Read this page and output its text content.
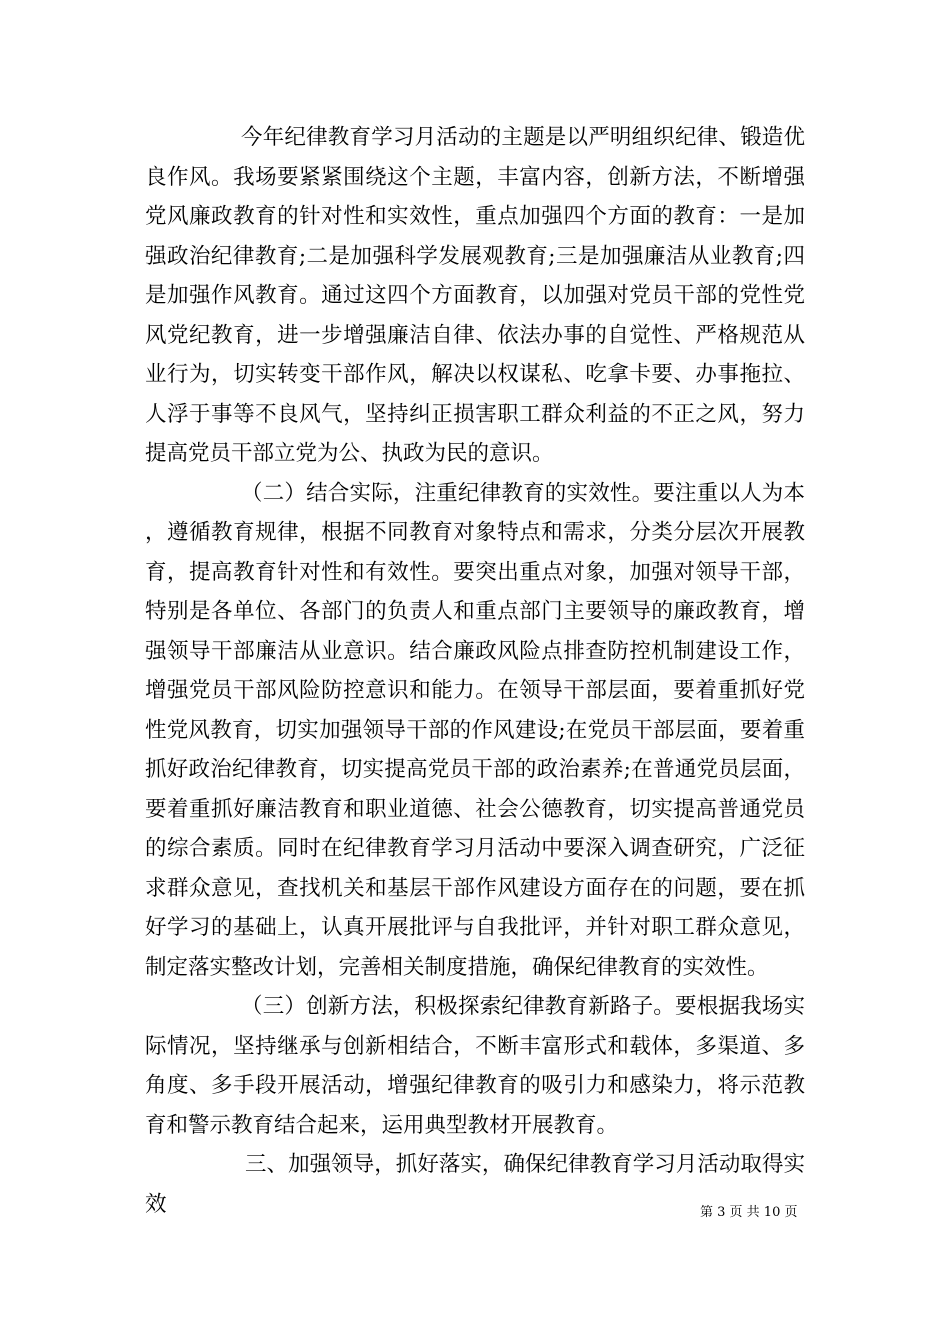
今年纪律教育学习月活动的主题是以严明组织纪律、锻造优良作风。我场要紧紧围绕这个主题，丰富内容，创新方法，不断增强党风廉政教育的针对性和实效性，重点加强四个方面的教育：一是加强政治纪律教育;二是加强科学发展观教育;三是加强廉洁从业教育;四是加强作风教育。通过这四个方面教育，以加强对党员干部的党性党风党纪教育，进一步增强廉洁自律、依法办事的自觉性、严格规范从业行为，切实转变干部作风，解决以权谋私、吃拿卡要、办事拖拉、人浮于事等不良风气，坚持纠正损害职工群众利益的不正之风，努力提高党员干部立党为公、执政为民的意识。

（二）结合实际，注重纪律教育的实效性。要注重以人为本，遵循教育规律，根据不同教育对象特点和需求，分类分层次开展教育，提高教育针对性和有效性。要突出重点对象，加强对领导干部，特别是各单位、各部门的负责人和重点部门主要领导的廉政教育，增强领导干部廉洁从业意识。结合廉政风险点排查防控机制建设工作，增强党员干部风险防控意识和能力。在领导干部层面，要着重抓好党性党风教育，切实加强领导干部的作风建设;在党员干部层面，要着重抓好政治纪律教育，切实提高党员干部的政治素养;在普通党员层面，要着重抓好廉洁教育和职业道德、社会公德教育，切实提高普通党员的综合素质。同时在纪律教育学习月活动中要深入调查研究，广泛征求群众意见，查找机关和基层干部作风建设方面存在的问题，要在抓好学习的基础上，认真开展批评与自我批评，并针对职工群众意见，制定落实整改计划，完善相关制度措施，确保纪律教育的实效性。

（三）创新方法，积极探索纪律教育新路子。要根据我场实际情况，坚持继承与创新相结合，不断丰富形式和载体，多渠道、多角度、多手段开展活动，增强纪律教育的吸引力和感染力，将示范教育和警示教育结合起来，运用典型教材开展教育。

三、加强领导，抓好落实，确保纪律教育学习月活动取得实效	第 3 页 共 10 页
